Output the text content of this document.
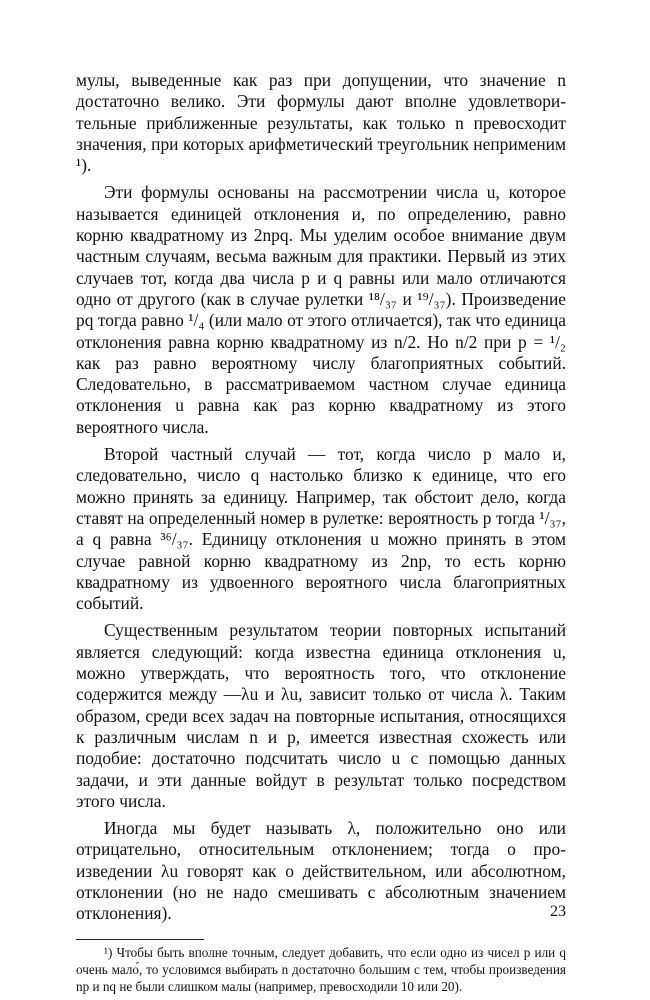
мулы, выведенные как раз при допущении, что значение n достаточно велико. Эти формулы дают вполне удовлетворительные приближенные результаты, как только n превосходит значения, при которых арифметический треугольник неприменим ¹).

Эти формулы основаны на рассмотрении числа u, которое называется единицей отклонения и, по определению, равно корню квадратному из 2npq. Мы уделим особое внимание двум частным случаям, весьма важным для практики. Первый из этих случаев тот, когда два числа p и q равны или мало отличаются одно от другого (как в случае рулетки ¹⁸/₃₇ и ¹⁹/₃₇). Произведение pq тогда равно ¹/₄ (или мало от этого отличается), так что единица отклонения равна корню квадратному из n/2. Но n/2 при p = ¹/₂ как раз равно вероятному числу благоприятных событий. Следовательно, в рассматриваемом частном случае единица отклонения u равна как раз корню квадратному из этого вероятного числа.

Второй частный случай — тот, когда число p мало и, следовательно, число q настолько близко к единице, что его можно принять за единицу. Например, так обстоит дело, когда ставят на определенный номер в рулетке: вероятность p тогда ¹/₃₇, а q равна ³⁶/₃₇. Единицу отклонения u можно принять в этом случае равной корню квадратному из 2np, то есть корню квадратному из удвоенного вероятного числа благоприятных событий.

Существенным результатом теории повторных испытаний является следующий: когда известна единица отклонения u, можно утверждать, что вероятность того, что отклонение содержится между —λu и λu, зависит только от числа λ. Таким образом, среди всех задач на повторные испытания, относящихся к различным числам n и p, имеется известная схожесть или подобие: достаточно подсчитать число u с помощью данных задачи, и эти данные войдут в результат только посредством этого числа.

Иногда мы будет называть λ, положительно оно или отрицательно, относительным отклонением; тогда о произведении λu говорят как о действительном, или абсолютном, отклонении (но не надо смешивать с абсолютным значением отклонения).

¹) Чтобы быть вполне точным, следует добавить, что если одно из чисел p или q очень мало́, то условимся выбирать n достаточно большим с тем, чтобы произведения np и nq не были слишком малы (например, превосходили 10 или 20).

23
